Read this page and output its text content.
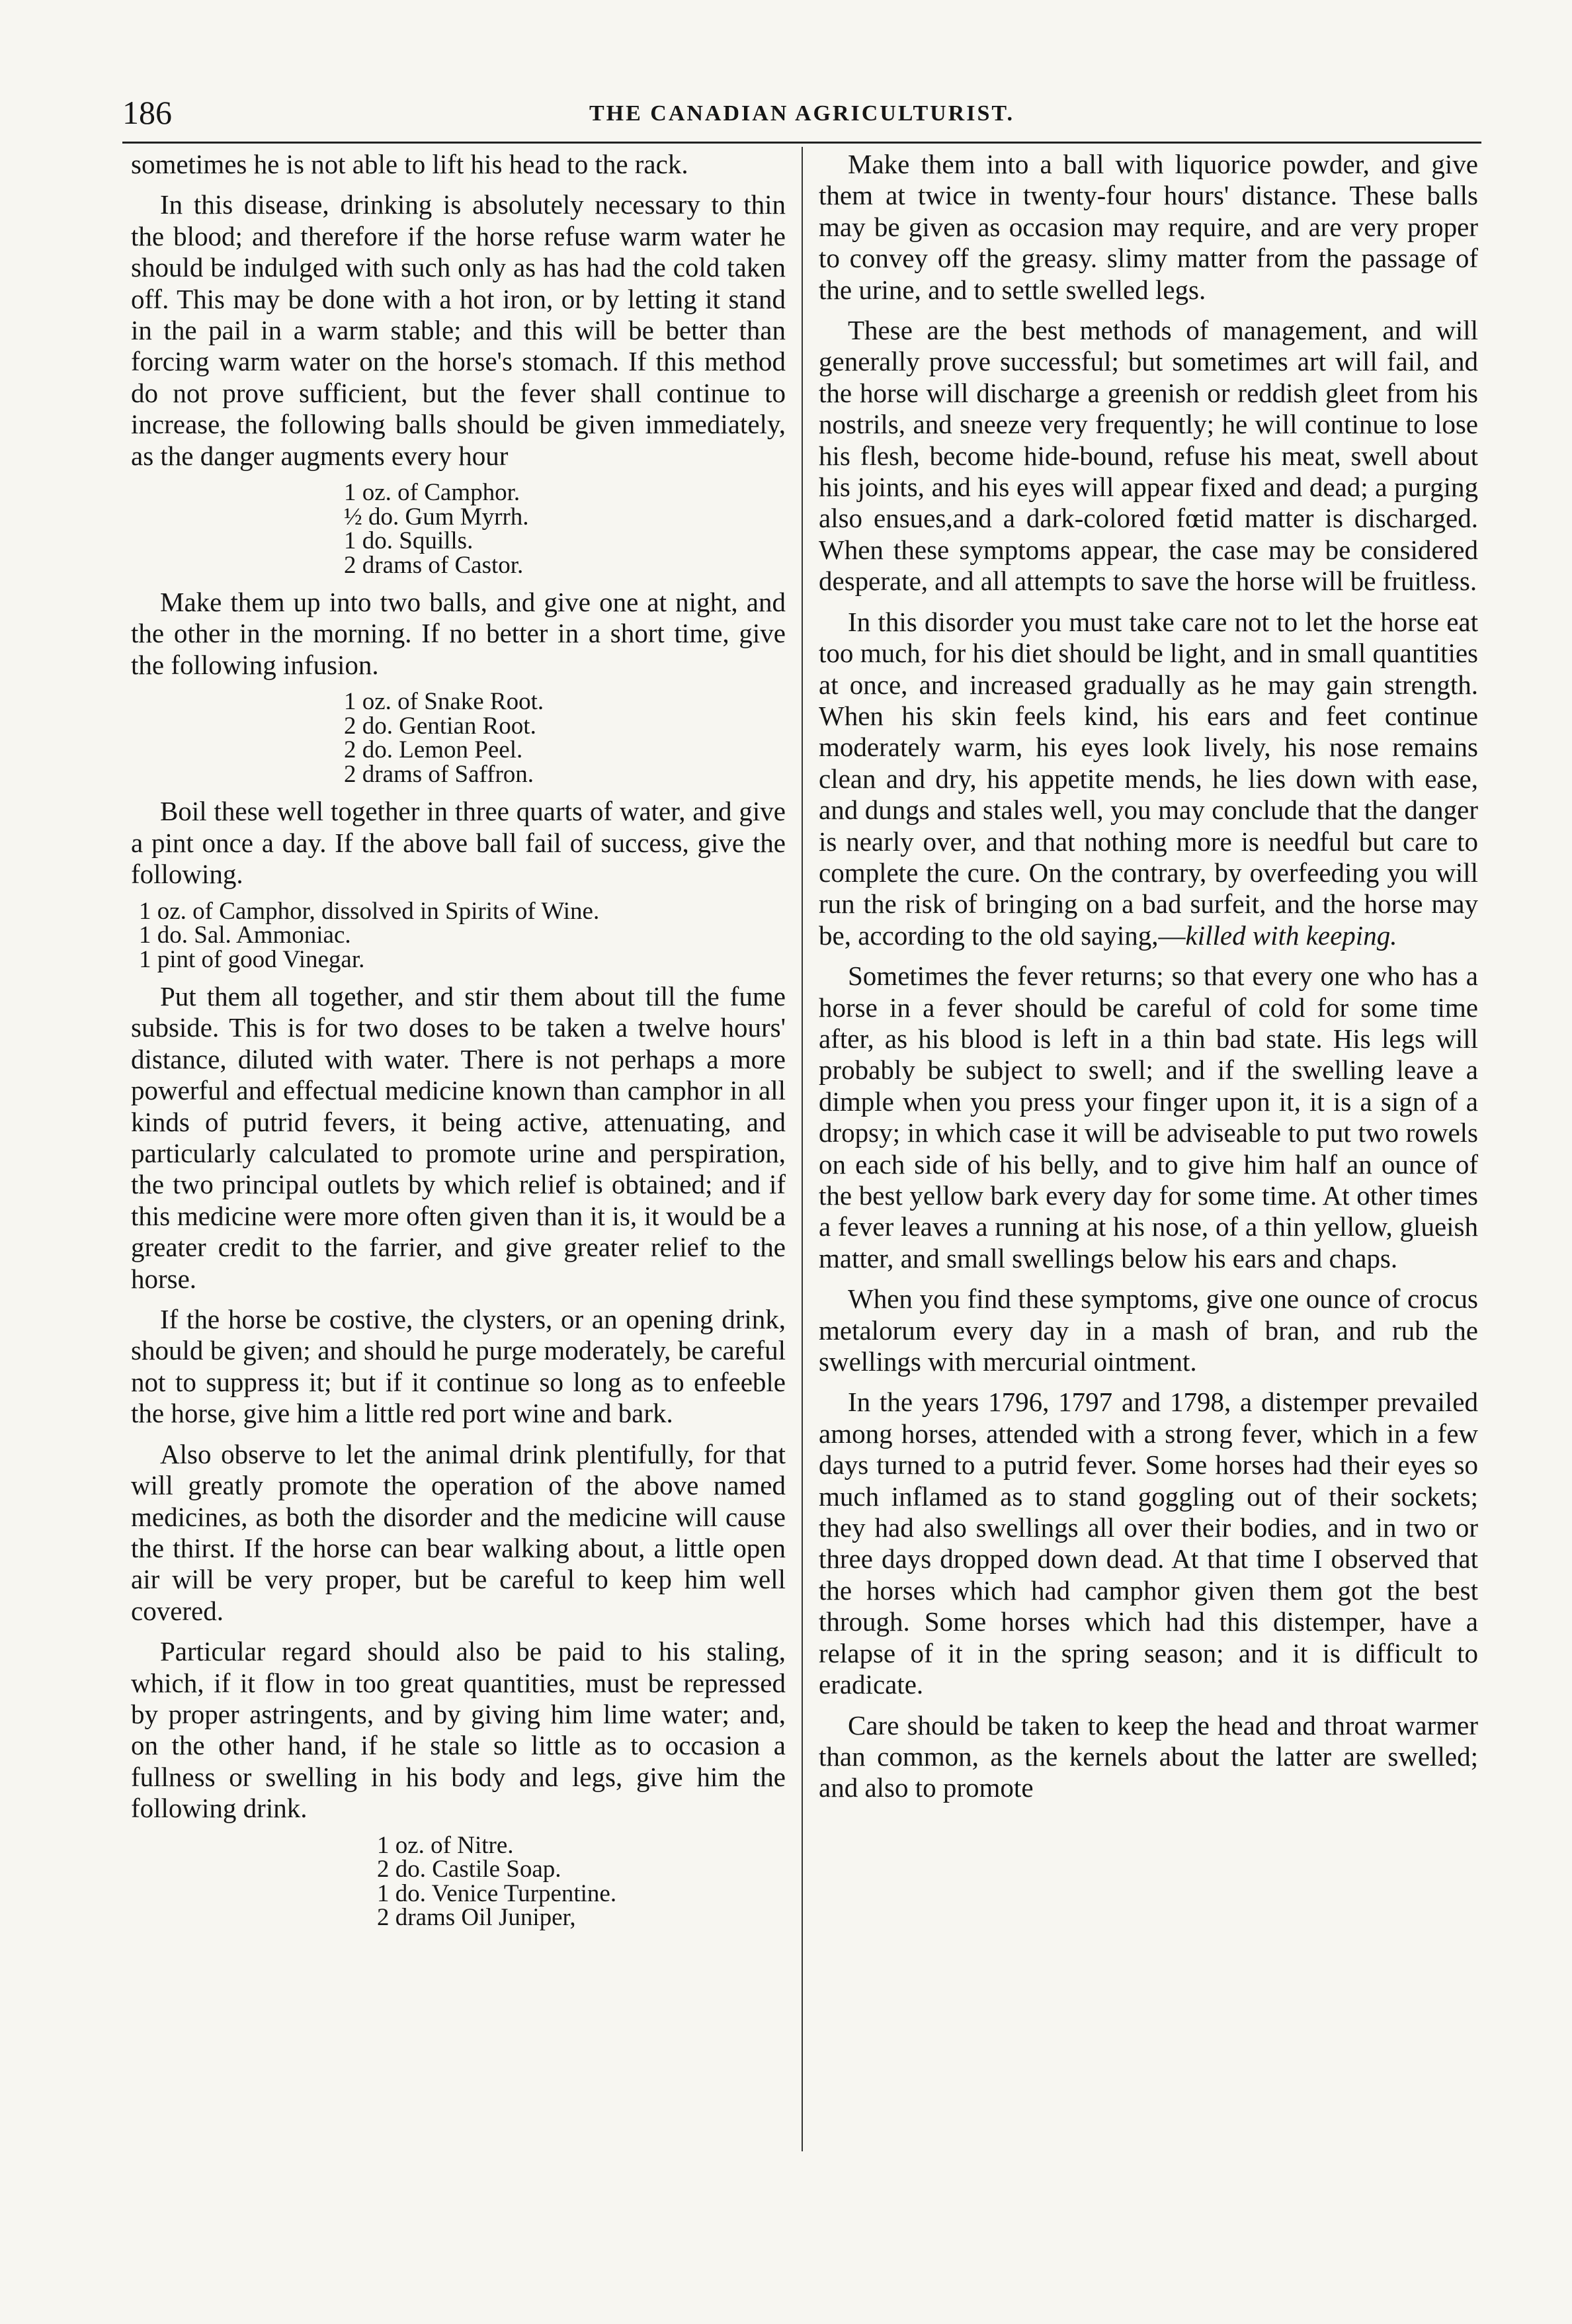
186	THE CANADIAN AGRICULTURIST.

sometimes he is not able to lift his head to the rack.

In this disease, drinking is absolutely necessary to thin the blood; and therefore if the horse refuse warm water he should be indulged with such only as has had the cold taken off. This may be done with a hot iron, or by letting it stand in the pail in a warm stable; and this will be better than forcing warm water on the horse's stomach. If this method do not prove sufficient, but the fever shall continue to increase, the following balls should be given immediately, as the danger augments every hour

1 oz. of Camphor.
½ do. Gum Myrrh.
1 do. Squills.
2 drams of Castor.

Make them up into two balls, and give one at night, and the other in the morning. If no better in a short time, give the following infusion.

1 oz. of Snake Root.
2 do. Gentian Root.
2 do. Lemon Peel.
2 drams of Saffron.

Boil these well together in three quarts of water, and give a pint once a day. If the above ball fail of success, give the following.

1 oz. of Camphor, dissolved in Spirits of Wine.
1 do. Sal. Ammoniac.
1 pint of good Vinegar.

Put them all together, and stir them about till the fume subside. This is for two doses to be taken a twelve hours' distance, diluted with water. There is not perhaps a more powerful and effectual medicine known than camphor in all kinds of putrid fevers, it being active, attenuating, and particularly calculated to promote urine and perspiration, the two principal outlets by which relief is obtained; and if this medicine were more often given than it is, it would be a greater credit to the farrier, and give greater relief to the horse.

If the horse be costive, the clysters, or an opening drink, should be given; and should he purge moderately, be careful not to suppress it; but if it continue so long as to enfeeble the horse, give him a little red port wine and bark.

Also observe to let the animal drink plentifully, for that will greatly promote the operation of the above named medicines, as both the disorder and the medicine will cause the thirst. If the horse can bear walking about, a little open air will be very proper, but be careful to keep him well covered.

Particular regard should also be paid to his staling, which, if it flow in too great quantities, must be repressed by proper astringents, and by giving him lime water; and, on the other hand, if he stale so little as to occasion a fullness or swelling in his body and legs, give him the following drink.

1 oz. of Nitre.
2 do. Castile Soap.
1 do. Venice Turpentine.
2 drams Oil Juniper,

Make them into a ball with liquorice powder, and give them at twice in twenty-four hours' distance. These balls may be given as occasion may require, and are very proper to convey off the greasy. slimy matter from the passage of the urine, and to settle swelled legs.

These are the best methods of management, and will generally prove successful; but sometimes art will fail, and the horse will discharge a greenish or reddish gleet from his nostrils, and sneeze very frequently; he will continue to lose his flesh, become hide-bound, refuse his meat, swell about his joints, and his eyes will appear fixed and dead; a purging also ensues,and a dark-colored fœtid matter is discharged. When these symptoms appear, the case may be considered desperate, and all attempts to save the horse will be fruitless.

In this disorder you must take care not to let the horse eat too much, for his diet should be light, and in small quantities at once, and increased gradually as he may gain strength. When his skin feels kind, his ears and feet continue moderately warm, his eyes look lively, his nose remains clean and dry, his appetite mends, he lies down with ease, and dungs and stales well, you may conclude that the danger is nearly over, and that nothing more is needful but care to complete the cure. On the contrary, by overfeeding you will run the risk of bringing on a bad surfeit, and the horse may be, according to the old saying,—killed with keeping.

Sometimes the fever returns; so that every one who has a horse in a fever should be careful of cold for some time after, as his blood is left in a thin bad state. His legs will probably be subject to swell; and if the swelling leave a dimple when you press your finger upon it, it is a sign of a dropsy; in which case it will be adviseable to put two rowels on each side of his belly, and to give him half an ounce of the best yellow bark every day for some time. At other times a fever leaves a running at his nose, of a thin yellow, glueish matter, and small swellings below his ears and chaps.

When you find these symptoms, give one ounce of crocus metalorum every day in a mash of bran, and rub the swellings with mercurial ointment.

In the years 1796, 1797 and 1798, a distemper prevailed among horses, attended with a strong fever, which in a few days turned to a putrid fever. Some horses had their eyes so much inflamed as to stand goggling out of their sockets; they had also swellings all over their bodies, and in two or three days dropped down dead. At that time I observed that the horses which had camphor given them got the best through. Some horses which had this distemper, have a relapse of it in the spring season; and it is difficult to eradicate.

Care should be taken to keep the head and throat warmer than common, as the kernels about the latter are swelled; and also to promote
